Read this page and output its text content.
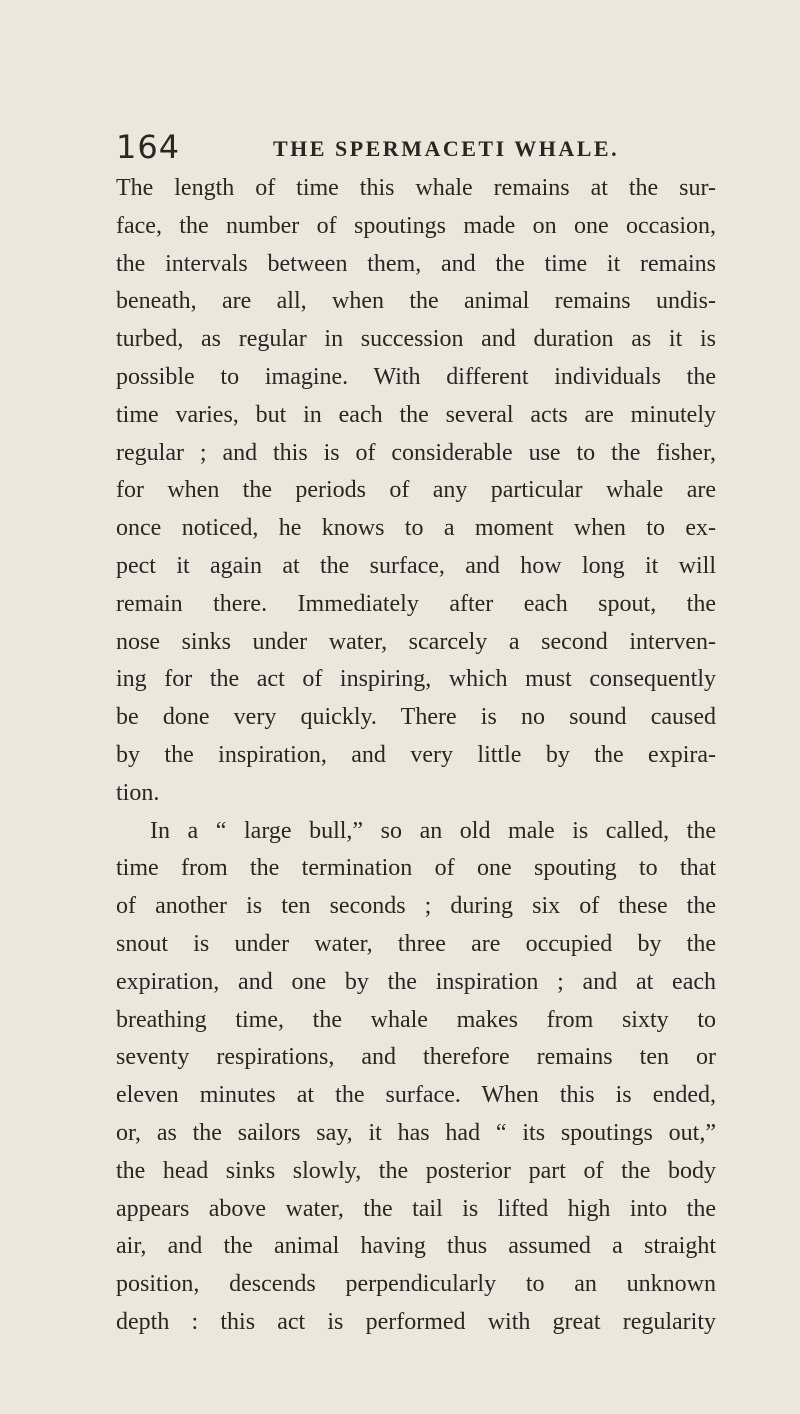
164	THE SPERMACETI WHALE.
The length of time this whale remains at the sur-
face, the number of spoutings made on one occasion,
the intervals between them, and the time it remains
beneath, are all, when the animal remains undis-
turbed, as regular in succession and duration as it is
possible to imagine. With different individuals the
time varies, but in each the several acts are minutely
regular ; and this is of considerable use to the fisher,
for when the periods of any particular whale are
once noticed, he knows to a moment when to ex-
pect it again at the surface, and how long it will
remain there. Immediately after each spout, the
nose sinks under water, scarcely a second interven-
ing for the act of inspiring, which must consequently
be done very quickly. There is no sound caused
by the inspiration, and very little by the expira-
tion.
In a “ large bull,” so an old male is called, the
time from the termination of one spouting to that
of another is ten seconds ; during six of these the
snout is under water, three are occupied by the
expiration, and one by the inspiration ; and at each
breathing time, the whale makes from sixty to
seventy respirations, and therefore remains ten or
eleven minutes at the surface. When this is ended,
or, as the sailors say, it has had “ its spoutings out,”
the head sinks slowly, the posterior part of the body
appears above water, the tail is lifted high into the
air, and the animal having thus assumed a straight
position, descends perpendicularly to an unknown
depth : this act is performed with great regularity
